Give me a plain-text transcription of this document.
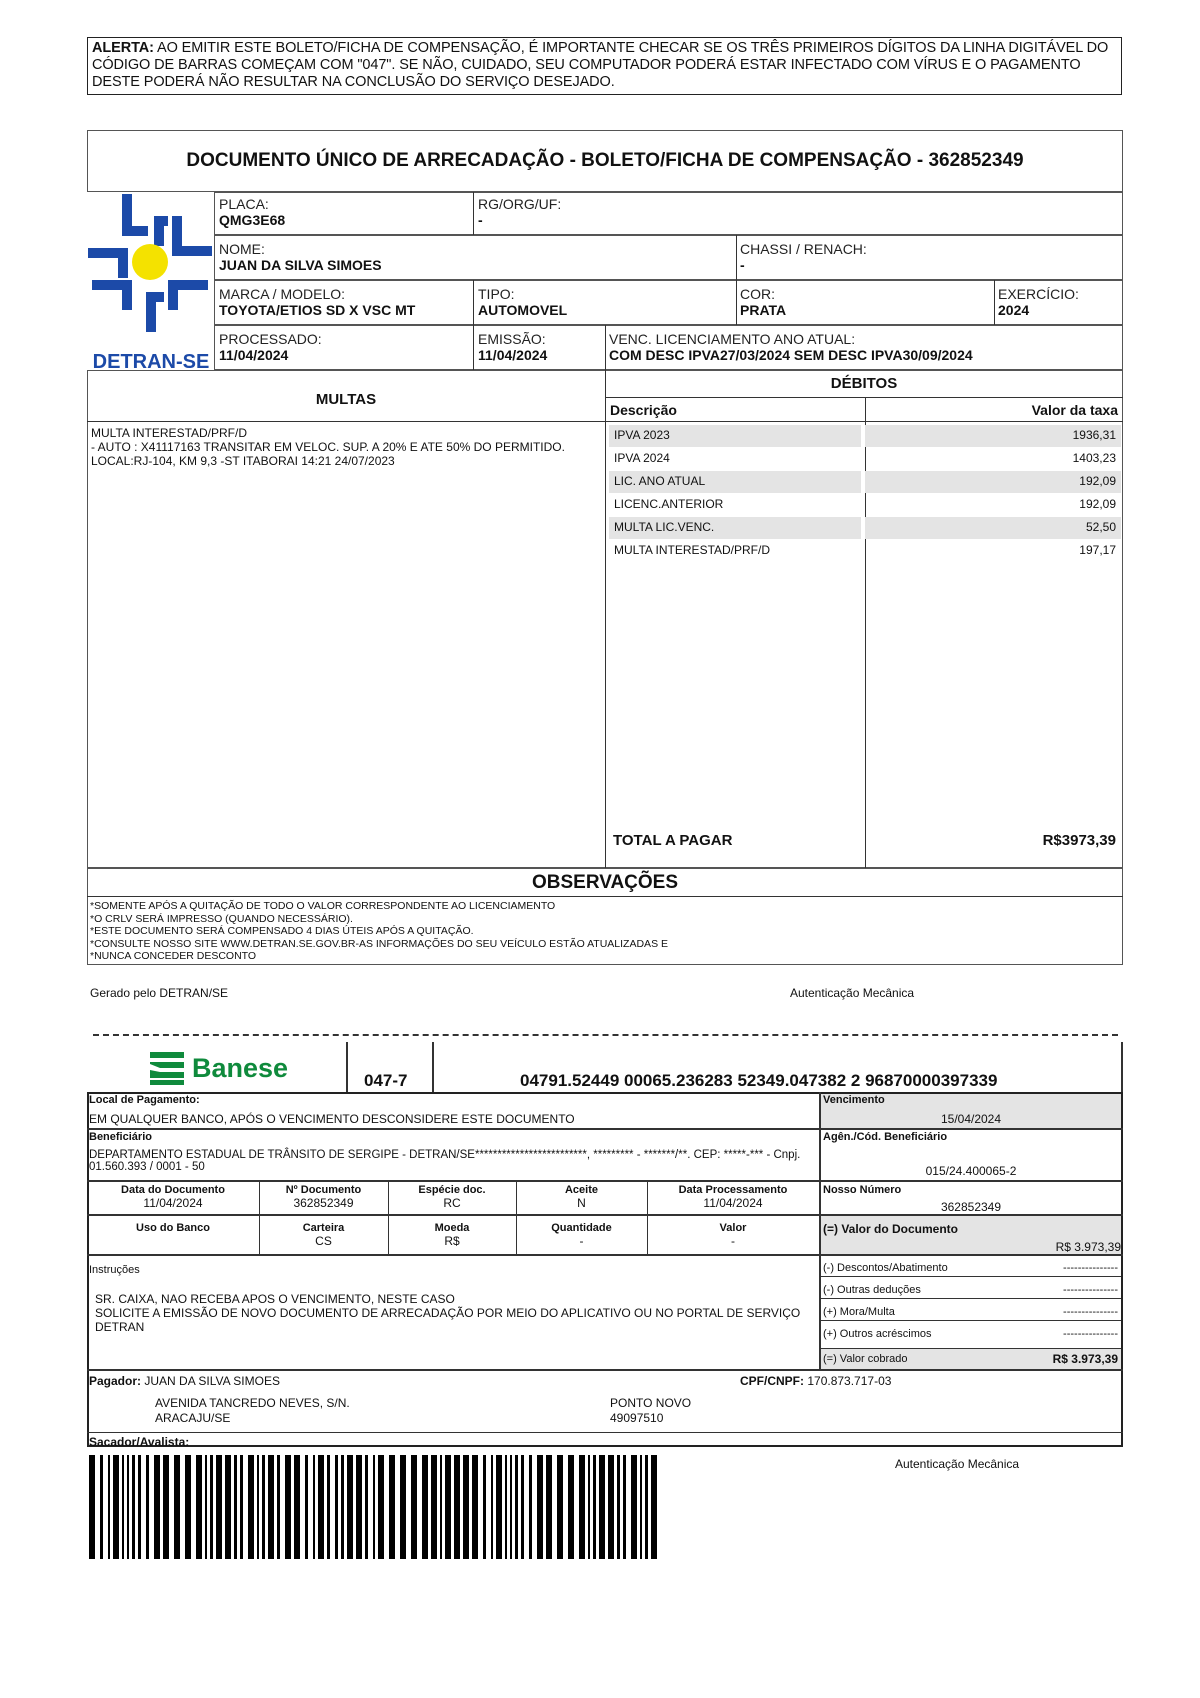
ALERTA: AO EMITIR ESTE BOLETO/FICHA DE COMPENSAÇÃO, É IMPORTANTE CHECAR SE OS TRÊS PRIMEIROS DÍGITOS DA LINHA DIGITÁVEL DO CÓDIGO DE BARRAS COMEÇAM COM "047". SE NÃO, CUIDADO, SEU COMPUTADOR PODERÁ ESTAR INFECTADO COM VÍRUS E O PAGAMENTO DESTE PODERÁ NÃO RESULTAR NA CONCLUSÃO DO SERVIÇO DESEJADO.
DOCUMENTO ÚNICO DE ARRECADAÇÃO - BOLETO/FICHA DE COMPENSAÇÃO - 362852349
DETRAN-SE
PLACA:
QMG3E68
RG/ORG/UF:
-
NOME:
JUAN DA SILVA SIMOES
CHASSI / RENACH:
-
MARCA / MODELO:
TOYOTA/ETIOS SD X VSC MT
TIPO:
AUTOMOVEL
COR:
PRATA
EXERCÍCIO:
2024
PROCESSADO:
11/04/2024
EMISSÃO:
11/04/2024
VENC. LICENCIAMENTO ANO ATUAL:
COM DESC IPVA27/03/2024 SEM DESC IPVA30/09/2024
MULTAS
MULTA INTERESTAD/PRF/D
- AUTO : X41117163 TRANSITAR EM VELOC. SUP. A 20% E ATE 50% DO PERMITIDO.
LOCAL:RJ-104, KM 9,3 -ST ITABORAI 14:21 24/07/2023
DÉBITOS
Descrição	Valor da taxa
IPVA 2023	1936,31
IPVA 2024	1403,23
LIC. ANO ATUAL	192,09
LICENC.ANTERIOR	192,09
MULTA LIC.VENC.	52,50
MULTA INTERESTAD/PRF/D	197,17
TOTAL A PAGAR	R$3973,39
OBSERVAÇÕES
*SOMENTE APÓS A QUITAÇÃO DE TODO O VALOR CORRESPONDENTE AO LICENCIAMENTO
*O CRLV SERÁ IMPRESSO (QUANDO NECESSÁRIO).
*ESTE DOCUMENTO SERÁ COMPENSADO 4 DIAS ÚTEIS APÓS A QUITAÇÃO.
*CONSULTE NOSSO SITE WWW.DETRAN.SE.GOV.BR-AS INFORMAÇÕES DO SEU VEÍCULO ESTÃO ATUALIZADAS E
*NUNCA CONCEDER DESCONTO
Gerado pelo DETRAN/SE	Autenticação Mecânica
Banese	047-7	04791.52449 00065.236283 52349.047382 2 96870000397339
Local de Pagamento:
EM QUALQUER BANCO, APÓS O VENCIMENTO DESCONSIDERE ESTE DOCUMENTO
Vencimento
15/04/2024
Beneficiário
DEPARTAMENTO ESTADUAL DE TRÂNSITO DE SERGIPE - DETRAN/SE*************************, ********* - *******/**. CEP: *****-*** - Cnpj. 01.560.393 / 0001 - 50
Agên./Cód. Beneficiário
015/24.400065-2
Data do Documento
11/04/2024
Nº Documento
362852349
Espécie doc.
RC
Aceite
N
Data Processamento
11/04/2024
Nosso Número
362852349
Uso do Banco	Carteira
CS
Moeda
R$
Quantidade
-
Valor
-
(=) Valor do Documento
R$ 3.973,39
Instruções
SR. CAIXA, NAO RECEBA APOS O VENCIMENTO, NESTE CASO
SOLICITE A EMISSÃO DE NOVO DOCUMENTO DE ARRECADAÇÃO POR MEIO DO APLICATIVO OU NO PORTAL DE SERVIÇO DETRAN
(-) Descontos/Abatimento	---------------
(-) Outras deduções	---------------
(+) Mora/Multa	---------------
(+) Outros acréscimos	---------------
(=) Valor cobrado	R$ 3.973,39
Pagador: JUAN DA SILVA SIMOES	CPF/CNPF: 170.873.717-03
AVENIDA TANCREDO NEVES, S/N.
ARACAJU/SE
PONTO NOVO
49097510
Sacador/Avalista:
Autenticação Mecânica
